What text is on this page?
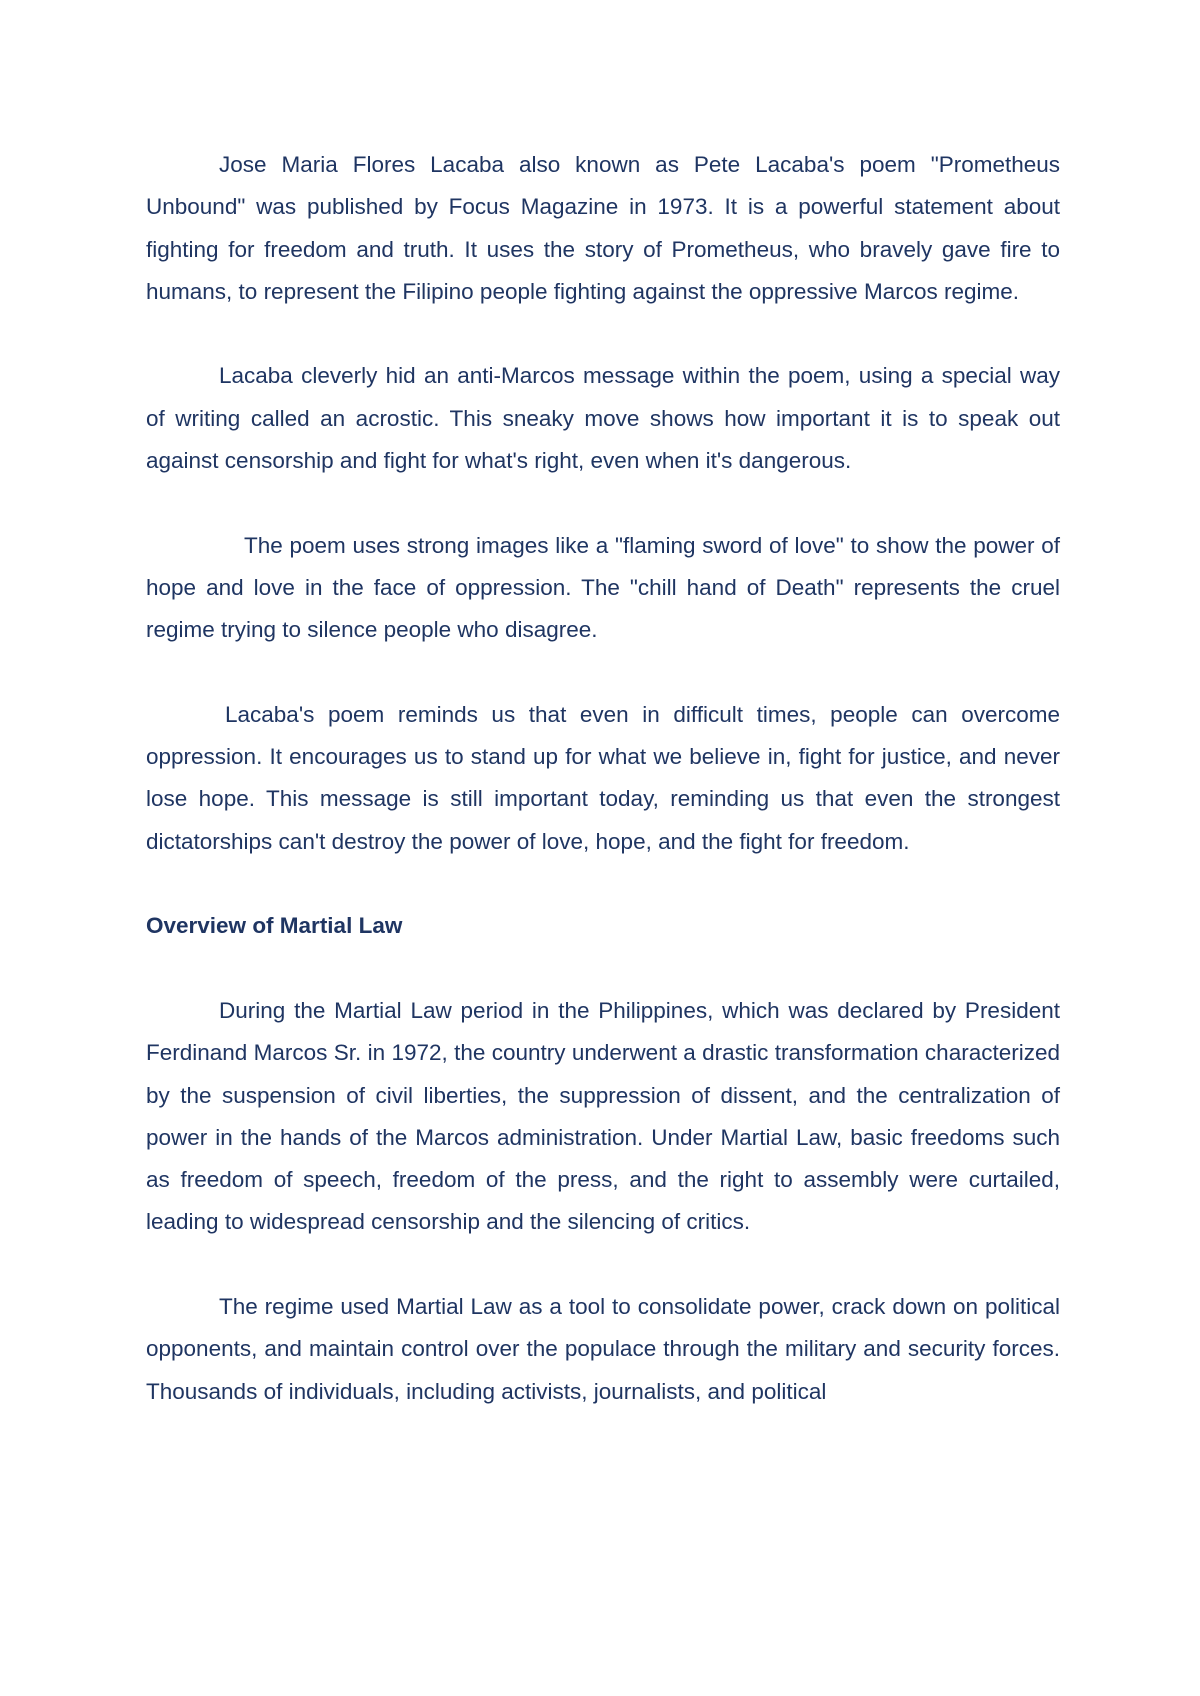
Jose Maria Flores Lacaba also known as Pete Lacaba's poem "Prometheus Unbound" was published by Focus Magazine in 1973. It is a powerful statement about fighting for freedom and truth. It uses the story of Prometheus, who bravely gave fire to humans, to represent the Filipino people fighting against the oppressive Marcos regime.

Lacaba cleverly hid an anti-Marcos message within the poem, using a special way of writing called an acrostic. This sneaky move shows how important it is to speak out against censorship and fight for what's right, even when it's dangerous.

The poem uses strong images like a "flaming sword of love" to show the power of hope and love in the face of oppression. The "chill hand of Death" represents the cruel regime trying to silence people who disagree.

Lacaba's poem reminds us that even in difficult times, people can overcome oppression. It encourages us to stand up for what we believe in, fight for justice, and never lose hope. This message is still important today, reminding us that even the strongest dictatorships can't destroy the power of love, hope, and the fight for freedom.

Overview of Martial Law

During the Martial Law period in the Philippines, which was declared by President Ferdinand Marcos Sr. in 1972, the country underwent a drastic transformation characterized by the suspension of civil liberties, the suppression of dissent, and the centralization of power in the hands of the Marcos administration. Under Martial Law, basic freedoms such as freedom of speech, freedom of the press, and the right to assembly were curtailed, leading to widespread censorship and the silencing of critics.

The regime used Martial Law as a tool to consolidate power, crack down on political opponents, and maintain control over the populace through the military and security forces. Thousands of individuals, including activists, journalists, and political
